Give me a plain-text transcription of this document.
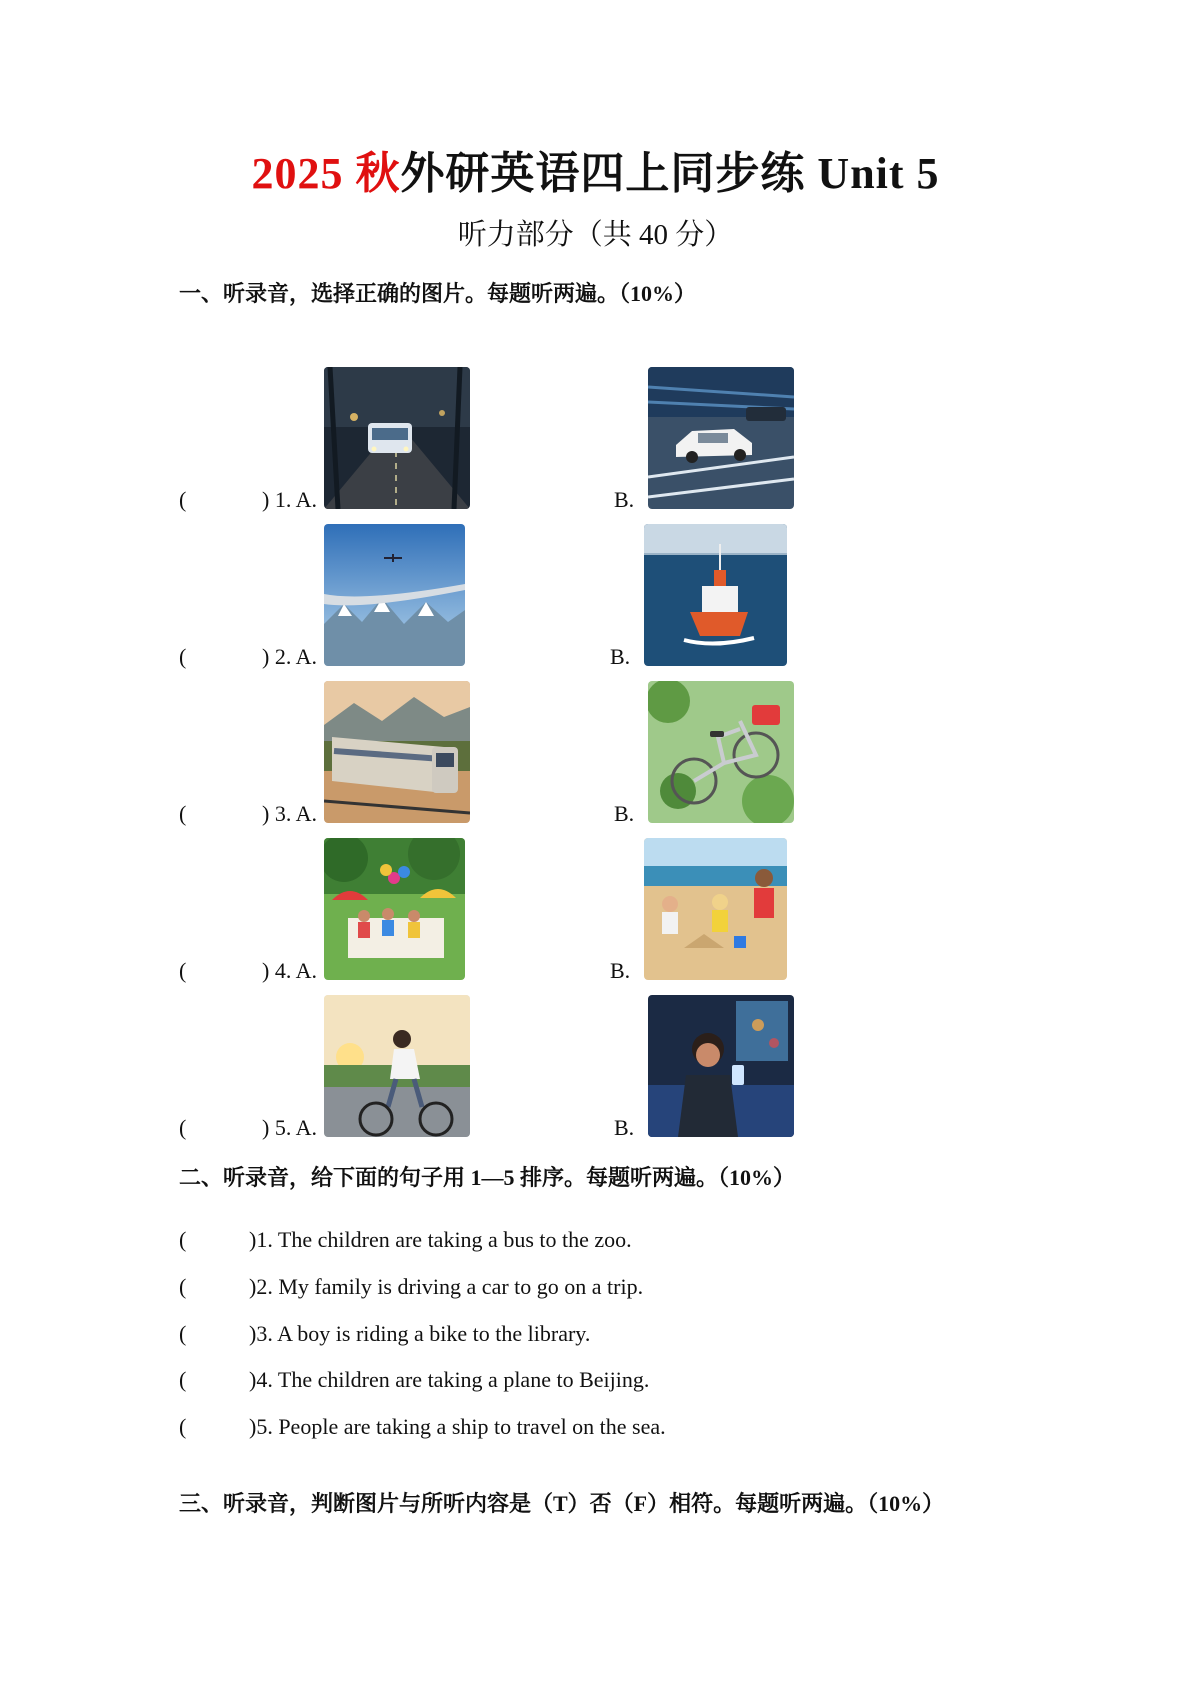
2025 秋外研英语四上同步练 Unit 5
听力部分（共 40 分）
一、听录音，选择正确的图片。每题听两遍。（10%）
(	) 1. A.	B.
(	) 2. A.	B.
(	) 3. A.	B.
(	) 4. A.	B.
(	) 5. A.	B.
二、听录音，给下面的句子用 1—5 排序。每题听两遍。（10%）
(	)1. The children are taking a bus to the zoo.
(	)2. My family is driving a car to go on a trip.
(	)3. A boy is riding a bike to the library.
(	)4. The children are taking a plane to Beijing.
(	)5. People are taking a ship to travel on the sea.
三、听录音，判断图片与所听内容是（T）否（F）相符。每题听两遍。（10%）
